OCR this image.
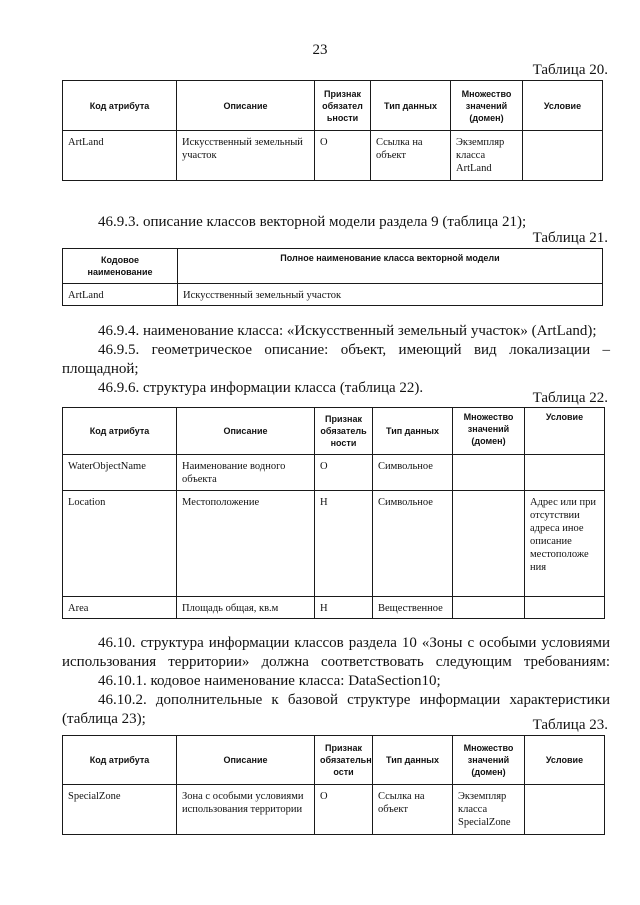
23
Таблица 20.
Код атрибута	Описание	Признак обязател ьности	Тип данных	Множество значений (домен)	Условие
ArtLand	Искусственный земельный участок	О	Ссылка на объект	Экземпляр класса ArtLand	
46.9.3. описание классов векторной модели раздела 9 (таблица 21);
Таблица 21.
Кодовое наименование	Полное наименование класса векторной модели
ArtLand	Искусственный земельный участок
46.9.4. наименование класса: «Искусственный земельный участок» (ArtLand);
46.9.5. геометрическое описание: объект, имеющий вид локализации –
площадной;
46.9.6. структура информации класса (таблица 22).
Таблица 22.
Код атрибута	Описание	Признак обязатель ности	Тип данных	Множество значений (домен)	Условие
WaterObjectName	Наименование водного объекта	О	Символьное		
Location	Местоположение	Н	Символьное		Адрес или при отсутствии адреса иное описание местоположе ния
Area	Площадь общая, кв.м	Н	Вещественное		
46.10. структура информации классов раздела 10 «Зоны с особыми условиями
использования территории» должна соответствовать следующим требованиям:
46.10.1. кодовое наименование класса: DataSection10;
46.10.2. дополнительные к базовой структуре информации характеристики
(таблица 23);	Таблица 23.
Код атрибута	Описание	Признак обязательн ости	Тип данных	Множество значений (домен)	Условие
SpecialZone	Зона с особыми условиями использования территории	О	Ссылка на объект	Экземпляр класса SpecialZone	
